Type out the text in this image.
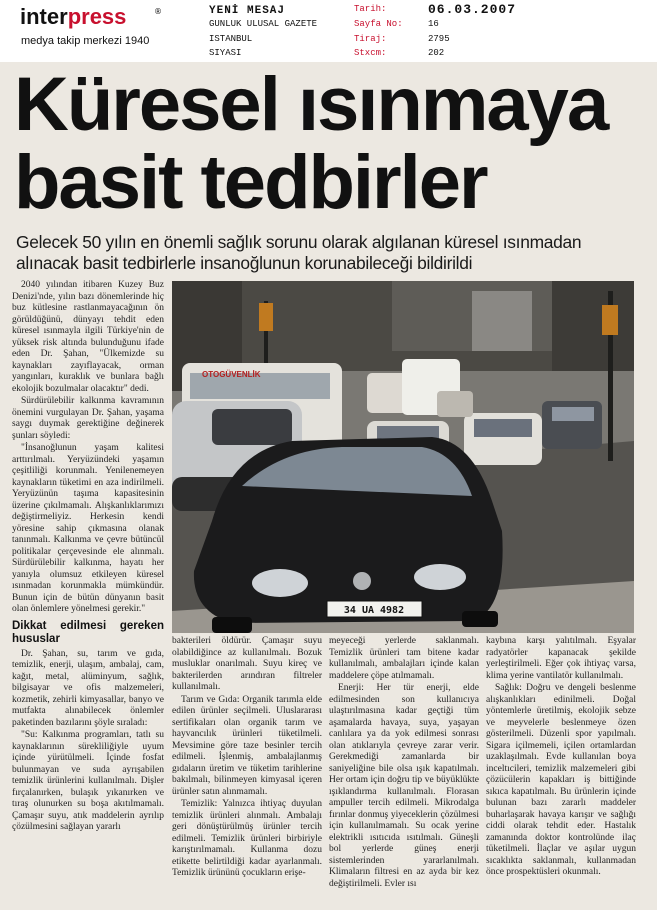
interpress	®
medya takip merkezi 1940
YENİ MESAJ
GUNLUK ULUSAL GAZETE
ISTANBUL
SIYASI
Tarih:	06.03.2007
Sayfa No:	16
Tiraj:	2795
Stxcm:	202
Küresel ısınmaya
basit tedbirler
Gelecek 50 yılın en önemli sağlık sorunu olarak algılanan küresel ısınmadan
alınacak basit tedbirlerle insanoğlunun korunabileceği bildirildi

2040 yılından itibaren Kuzey Buz Denizi'nde, yılın bazı dönemlerinde hiç buz kütlesine rastlanmayacağının ön görüldüğünü, dünyayı tehdit eden küresel ısınmayla ilgili Türkiye'nin de yüksek risk altında bulunduğunu ifade eden Dr. Şahan, "Ülkemizde su kaynakları zayıflayacak, orman yangınları, kuraklık ve bunlara bağlı ekolojik bozulmalar olacaktır" dedi.

Sürdürülebilir kalkınma kavramının önemini vurgulayan Dr. Şahan, yaşama saygı duymak gerektiğine değinerek şunları söyledi:

"İnsanoğlunun yaşam kalitesi arttırılmalı. Yeryüzündeki yaşamın çeşitliliği korunmalı. Yenilenemeyen kaynakların tüketimi en aza indirilmeli. Yeryüzünün taşıma kapasitesinin üzerine çıkılmamalı. Alışkanlıklarımızı değiştirmeliyiz. Herkesin kendi yöresine sahip çıkmasına olanak tanınmalı. Kalkınma ve çevre bütüncül politikalar çerçevesinde ele alınmalı. Sürdürülebilir kalkınma, hayatı her yanıyla olumsuz etkileyen küresel ısınmadan korunmakla mümkündür. Bunun için de bütün dünyanın basit olan önlemlere yönelmesi gerekir."

Dikkat edilmesi gereken hususlar

Dr. Şahan, su, tarım ve gıda, temizlik, enerji, ulaşım, ambalaj, cam, kağıt, metal, alüminyum, sağlık, bilgisayar ve ofis malzemeleri, kozmetik, zehirli kimyasallar, banyo ve mutfakta alınabilecek önlemler paketinden bazılarını şöyle sıraladı:

"Su: Kalkınma programları, tatlı su kaynaklarının sürekliliğiyle uyum içinde yürütülmeli. İçinde fosfat bulunmayan ve suda ayrışabilen temizlik ürünlerini kullanılmalı. Dişler fırçalanırken, bulaşık yıkanırken ve tıraş olunurken su boşa akıtılmamalı. Çamaşır suyu, atık maddelerin ayrılıp çözülmesini sağlayan yararlı

OTOGÜVENLİK
34 UA 4982

bakterileri öldürür. Çamaşır suyu olabildiğince az kullanılmalı. Bozuk musluklar onarılmalı. Suyu kireç ve bakterilerden arındıran filtreler kullanılmalı.

Tarım ve Gıda: Organik tarımla elde edilen ürünler seçilmeli. Uluslararası sertifikaları olan organik tarım ve hayvancılık ürünleri tüketilmeli. Mevsimine göre taze besinler tercih edilmeli. İşlenmiş, ambalajlanmış gıdaların üretim ve tüketim tarihlerine bakılmalı, bilinmeyen kimyasal içeren ürünler satın alınmamalı.

Temizlik: Yalnızca ihtiyaç duyulan temizlik ürünleri alınmalı. Ambalajı geri dönüştürülmüş ürünler tercih edilmeli. Temizlik ürünleri birbiriyle karıştırılmamalı. Kullanma dozu etikette belirtildiği kadar ayarlanmalı. Temizlik ürününü çocukların erişe-

meyeceği yerlerde saklanmalı. Temizlik ürünleri tam bitene kadar kullanılmalı, ambalajları içinde kalan maddelere çöpe atılmamalı.

Enerji: Her tür enerji, elde edilmesinden son kullanıcıya ulaştırılmasına kadar geçtiği tüm aşamalarda havaya, suya, yaşayan canlılara ya da yok edilmesi sonrası olan atıklarıyla çevreye zarar verir. Gerekmediği zamanlarda bir saniyeliğine bile olsa ışık kapatılmalı. Her ortam için doğru tip ve büyüklükte ışıklandırma kullanılmalı. Florasan ampuller tercih edilmeli. Mikrodalga fırınlar donmuş yiyeceklerin çözülmesi için kullanılmamalı. Su ocak yerine elektrikli ısıtıcıda ısıtılmalı. Güneşli bol yerlerde güneş enerji sistemlerinden yararlanılmalı. Klimaların filtresi en az ayda bir kez değiştirilmeli. Evler ısı

kaybına karşı yalıtılmalı. Eşyalar radyatörler kapanacak şekilde yerleştirilmeli. Eğer çok ihtiyaç varsa, klima yerine vantilatör kullanılmalı.

Sağlık: Doğru ve dengeli beslenme alışkanlıkları edinilmeli. Doğal yöntemlerle üretilmiş, ekolojik sebze ve meyvelerle beslenmeye özen gösterilmeli. Düzenli spor yapılmalı. Sigara içilmemeli, içilen ortamlardan uzaklaşılmalı. Evde kullanılan boya inceltıcileri, temizlik malzemeleri gibi çözücülerin kapakları iş bittiğinde sıkıca kapatılmalı. Bu ürünlerin içinde bulunan bazı zararlı maddeler buharlaşarak havaya karışır ve sağlığı ciddi olarak tehdit eder. Hastalık zamanında doktor kontrolünde ilaç tüketilmeli. İlaçlar ve aşılar uygun sıcaklıkta saklanmalı, kullanmadan önce prospektüsleri okunmalı.
